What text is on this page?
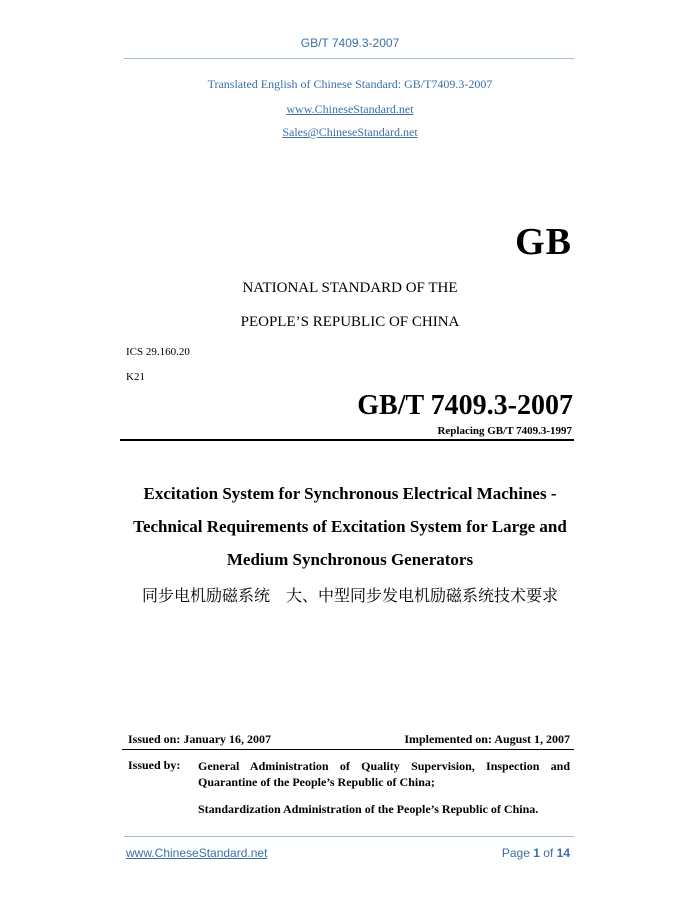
GB/T 7409.3-2007
Translated English of Chinese Standard: GB/T7409.3-2007
www.ChineseStandard.net
Sales@ChineseStandard.net
GB
NATIONAL STANDARD OF THE
PEOPLE’S REPUBLIC OF CHINA
ICS 29.160.20
K21
GB/T 7409.3-2007
Replacing GB/T 7409.3-1997
Excitation System for Synchronous Electrical Machines -
Technical Requirements of Excitation System for Large and
Medium Synchronous Generators
同步电机励磁系统　大、中型同步发电机励磁系统技术要求
Issued on: January 16, 2007	Implemented on: August 1, 2007
Issued by: General Administration of Quality Supervision, Inspection and Quarantine of the People’s Republic of China;
Standardization Administration of the People’s Republic of China.
www.ChineseStandard.net	Page 1 of 14
